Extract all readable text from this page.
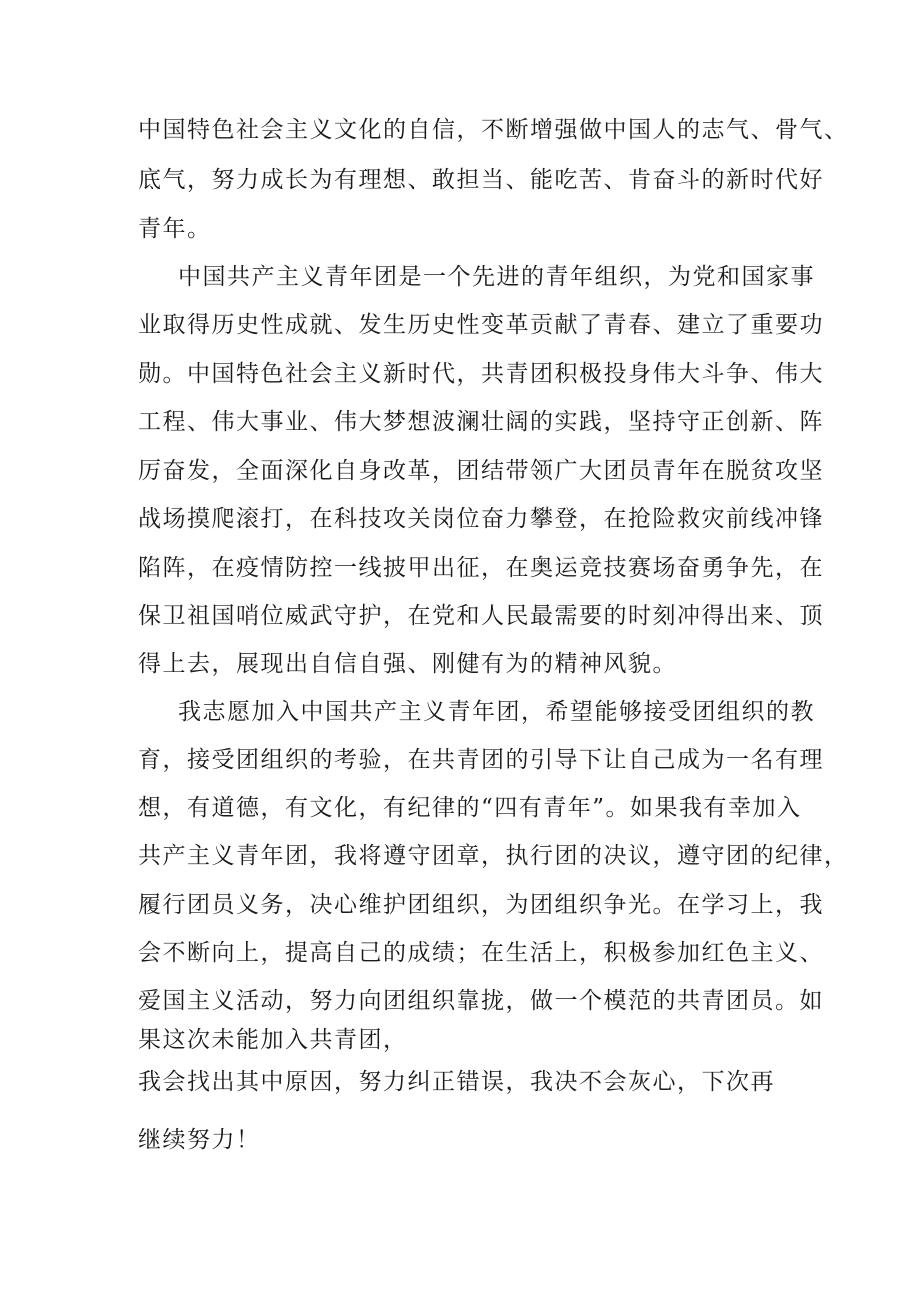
中国特色社会主义文化的自信，不断增强做中国人的志气、骨气、
底气，努力成长为有理想、敢担当、能吃苦、肯奋斗的新时代好
青年。
中国共产主义青年团是一个先进的青年组织，为党和国家事
业取得历史性成就、发生历史性变革贡献了青春、建立了重要功
勋。中国特色社会主义新时代，共青团积极投身伟大斗争、伟大
工程、伟大事业、伟大梦想波澜壮阔的实践，坚持守正创新、阵
厉奋发，全面深化自身改革，团结带领广大团员青年在脱贫攻坚
战场摸爬滚打，在科技攻关岗位奋力攀登，在抢险救灾前线冲锋
陷阵，在疫情防控一线披甲出征，在奥运竞技赛场奋勇争先，在
保卫祖国哨位威武守护，在党和人民最需要的时刻冲得出来、顶
得上去，展现出自信自强、刚健有为的精神风貌。
我志愿加入中国共产主义青年团，希望能够接受团组织的教
育，接受团组织的考验，在共青团的引导下让自己成为一名有理
想，有道德，有文化，有纪律的“四有青年”。如果我有幸加入
共产主义青年团，我将遵守团章，执行团的决议，遵守团的纪律，
履行团员义务，决心维护团组织，为团组织争光。在学习上，我
会不断向上，提高自己的成绩；在生活上，积极参加红色主义、
爱国主义活动，努力向团组织靠拢，做一个模范的共青团员。如
果这次未能加入共青团，
我会找出其中原因，努力纠正错误，我决不会灰心，下次再
继续努力！
